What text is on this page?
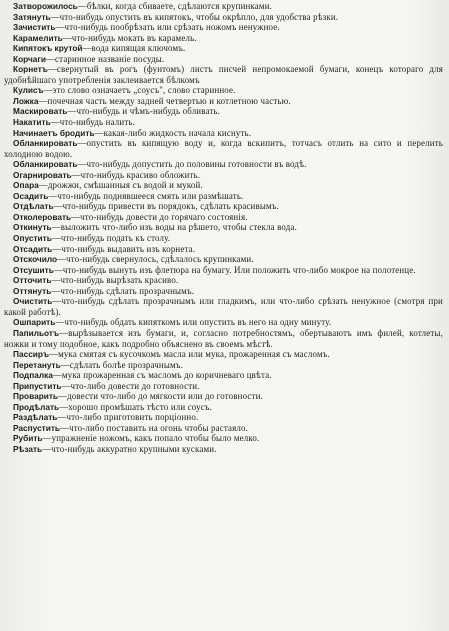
Затворожилось—бѣлки, когда сбиваете, сдѣлаются крупинками.

Затянуть—что-нибудь опустить въ кипятокъ, чтобы окрѣпло, для удобства рѣзки.

Зачистить—что-нибудь пообрѣзать или срѣзать ножомъ ненужное.

Карамелить—что-нибудь мокать въ карамель.

Кипятокъ крутой—вода кипящая ключомъ.

Корчаги—старинное названіе посуды.

Корнетъ—свернутый въ рогъ (фунтомъ) листъ писчей непромокаемой бумаги, конецъ котораго для удобнѣйшаго употребленія заклеивается бѣлкомъ

Кулисъ—это слово означаетъ „соусъ", слово старинное.

Ложка—почечная часть между задней четвертью и котлетною частью.

Маскировать—что-нибудь и чѣмъ-нибудь обливать.

Накатить—что-нибудь налить.

Начинаетъ бродить—какая-либо жидкость начала киснуть.

Обланкировать—опустить въ кипящую воду и, когда вскипитъ, тотчасъ отлить на сито и перелить холодною водою.

Обланкировать—что-нибудь допустить до половины готовности въ водѣ.

Огарнировать—что-нибудь красиво обложить.

Опара—дрожжи, смѣшанныя съ водой и мукой.

Осадить—что-нибудь поднявшееся смять или размѣшать.

Отдѣлать—что-нибудь привести въ порядокъ, сдѣлать красивымъ.

Отколеровать—что-нибудь довести до горячаго состоянія.

Откинуть—выложить что-либо изъ воды на рѣшето, чтобы стекла вода.

Опустить—что-нибудь подать къ столу.

Отсадить—что-нибудь выдавить изъ корнета.

Отскочило—что-нибудь свернулось, сдѣлалось крупинками.

Отсушить—что-нибудь вынуть изъ флетюра на бумагу. Или положить что-либо мокрое на полотенце.

Отточить—что-нибудь вырѣзать красиво.

Оттянуть—что-нибудь сдѣлать прозрачнымъ.

Очистить—что-нибудь сдѣлать прозрачнымъ или гладкимъ, или что-либо срѣзать ненужное (смотря при какой работѣ).

Ошпарить—что-нибудь обдать кипяткомъ или опустить въ него на одну минуту.

Папильотъ—вырѣзывается изъ бумаги, и, согласно потребностямъ, обертываютъ имъ филей, котлеты, ножки и тому подобное, какъ подробно объяснено въ своемъ мѣстѣ.

Пассиръ—мука смятая съ кусочкомъ масла или мука, прожаренная съ масломъ.

Перетануть—сдѣлать болѣе прозрачнымъ.

Подпалка—мука прожаренная съ масломъ до коричневаго цвѣта.

Припустить—что-либо довести до готовности.

Проварить—довести что-либо до мягкости или до готовности.

Продѣлать—хорошо промѣшать тѣсто или соусъ.

Раздѣлать—что-либо приготовить порціонно.

Распустить—что-либо поставить на огонь чтобы растаяло.

Рубить—упражненіе ножомъ, какъ попало чтобы было мелко.

Рѣзать—что-нибудь аккуратно крупными кусками.
